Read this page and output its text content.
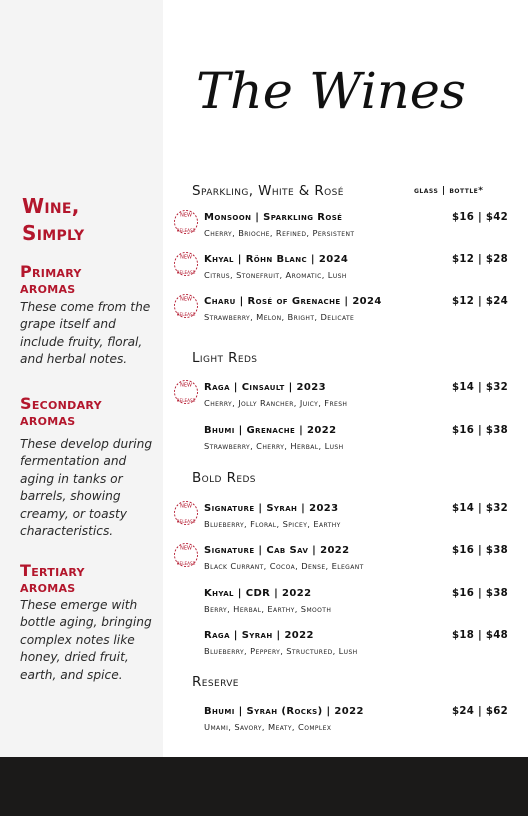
The Wines
Wine,
Simply
Primary
aromas
These come from the grape itself and include fruity, floral, and herbal notes.
Secondary
aromas
These develop during fermentation and aging in tanks or barrels, showing creamy, or toasty characteristics.
Tertiary
aromas
These emerge with bottle aging, bringing complex notes like honey, dried fruit, earth, and spice.
glass | bottle*
Sparkling, White & Rosé
NEW
RELEASE
Monsoon | Sparkling Rosé
Cherry, Brioche, Refined, Persistent
$16 | $42
NEW
RELEASE
Khyal | Röhn Blanc | 2024
Citrus, Stonefruit, Aromatic, Lush
$12 | $28
NEW
RELEASE
Charu | Rosé of Grenache | 2024
Strawberry, Melon, Bright, Delicate
$12 | $24
Light Reds
NEW
RELEASE
Raga | Cinsault | 2023
Cherry, Jolly Rancher, Juicy, Fresh
$14 | $32
Bhumi | Grenache | 2022
Strawberry, Cherry, Herbal, Lush
$16 | $38
Bold Reds
NEW
RELEASE
Signature | Syrah | 2023
Blueberry, Floral, Spicey, Earthy
$14 | $32
NEW
RELEASE
Signature | Cab Sav | 2022
Black Currant, Cocoa, Dense, Elegant
$16 | $38
Khyal | CDR | 2022
Berry, Herbal, Earthy, Smooth
$16 | $38
Raga | Syrah | 2022
Blueberry, Peppery, Structured, Lush
$18 | $48
Reserve
Bhumi | Syrah (Rocks) | 2022
Umami, Savory, Meaty, Complex
$24 | $62
